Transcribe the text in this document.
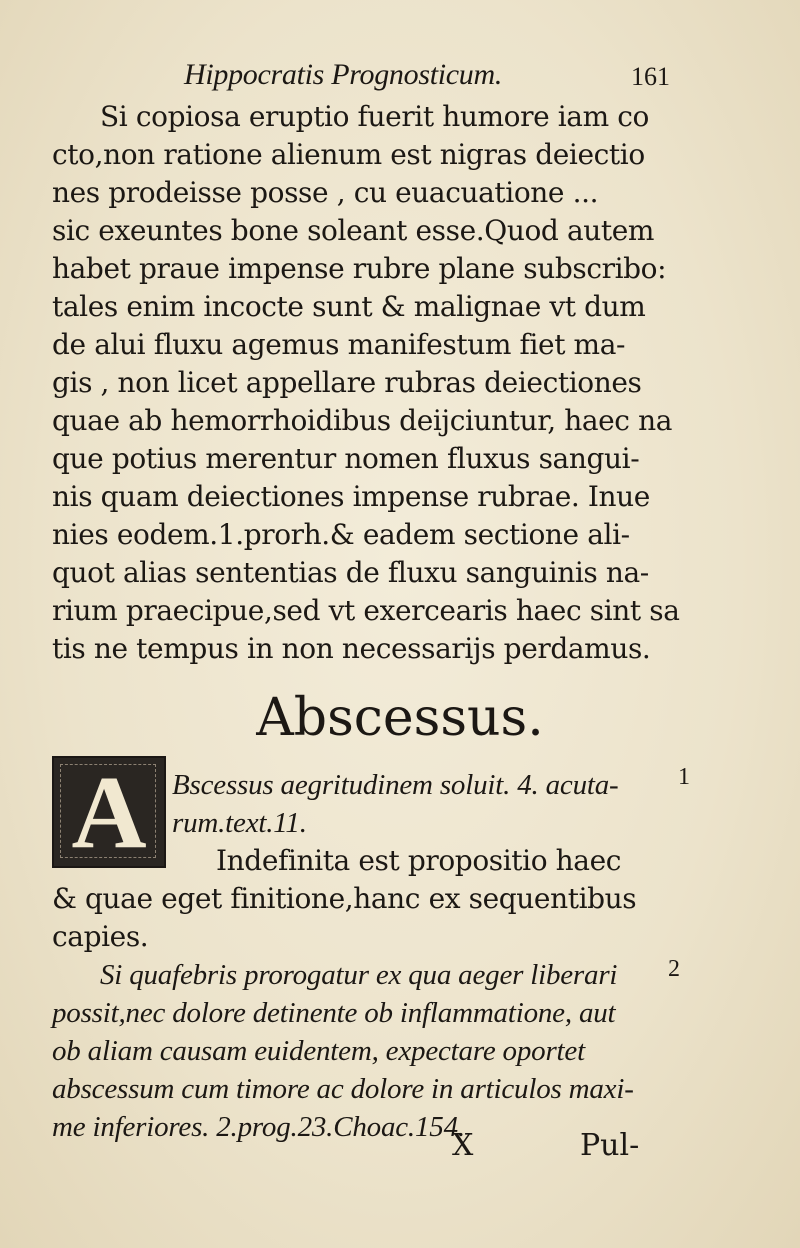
Hippocratis Prognosticum.	161
Si copiosa eruptio fuerit humore iam co
cto,non ratione alienum est nigras deiectio
nes prodeisse posse , cu euacuatione ...
sic exeuntes bone soleant esse.Quod autem
habet praue impense rubre plane subscribo:
tales enim incocte sunt & malignae vt dum
de alui fluxu agemus manifestum fiet ma-
gis , non licet appellare rubras deiectiones
quae ab hemorrhoidibus deijciuntur, haec na
que potius merentur nomen fluxus sangui-
nis quam deiectiones impense rubrae. Inue
nies eodem.1.prorh.& eadem sectione ali-
quot alias sententias de fluxu sanguinis na-
rium praecipue,sed vt exercearis haec sint sa
tis ne tempus in non necessarijs perdamus.
Abscessus.
A Bscessus aegritudinem soluit. 4. acuta-
rum.text.11.
Indefinita est propositio haec
& quae eget finitione,hanc ex sequentibus
capies.
Si quafebris prorogatur ex qua aeger liberari
possit,nec dolore detinente ob inflammatione, aut
ob aliam causam euidentem, expectare oportet
abscessum cum timore ac dolore in articulos maxi-
me inferiores. 2.prog.23.Choac.154.
1
2
X	Pul-
